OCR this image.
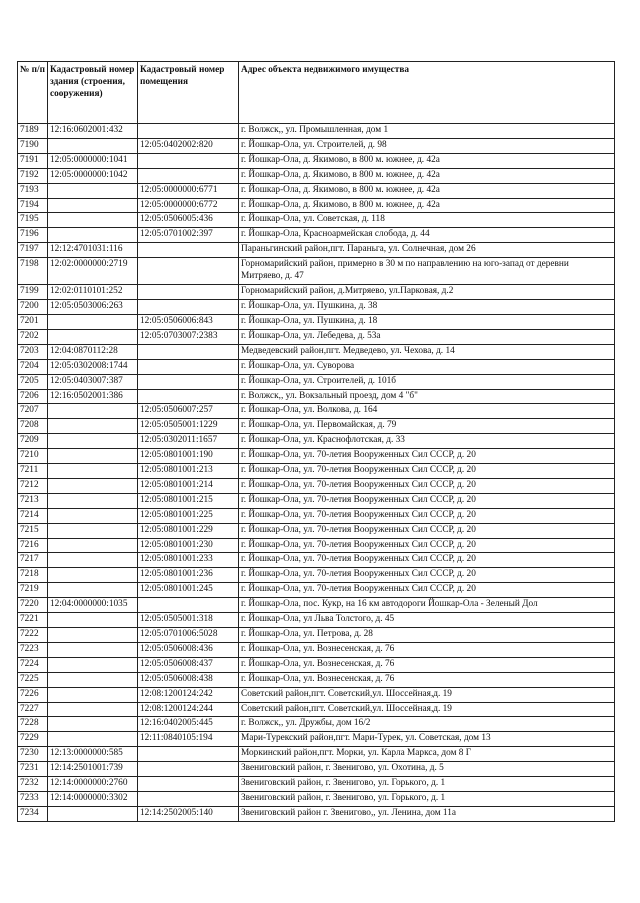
№ п/п	Кадастровый номер здания (строения, сооружения)	Кадастровый номер помещения	Адрес объекта недвижимого имущества
7189	12:16:0602001:432		г. Волжск,, ул. Промышленная, дом 1
7190		12:05:0402002:820	г. Йошкар-Ола, ул. Строителей, д. 98
7191	12:05:0000000:1041		г. Йошкар-Ола, д. Якимово, в 800 м. южнее, д. 42а
7192	12:05:0000000:1042		г. Йошкар-Ола, д. Якимово, в 800 м. южнее, д. 42а
7193		12:05:0000000:6771	г. Йошкар-Ола, д. Якимово, в 800 м. южнее, д. 42а
7194		12:05:0000000:6772	г. Йошкар-Ола, д. Якимово, в 800 м. южнее, д. 42а
7195		12:05:0506005:436	г. Йошкар-Ола, ул. Советская, д. 118
7196		12:05:0701002:397	г. Йошкар-Ола, Красноармейская слобода, д. 44
7197	12:12:4701031:116		Параньгинский район,пгт. Параньга, ул. Солнечная, дом 26
7198	12:02:0000000:2719		Горномарийский район, примерно в 30 м по направлению на юго-запад от деревни Митряево, д. 47
7199	12:02:0110101:252		Горномарийский район, д.Митряево, ул.Парковая, д.2
7200	12:05:0503006:263		г. Йошкар-Ола, ул. Пушкина, д. 38
7201		12:05:0506006:843	г. Йошкар-Ола, ул. Пушкина, д. 18
7202		12:05:0703007:2383	г. Йошкар-Ола, ул. Лебедева, д. 53а
7203	12:04:0870112:28		Медведевский район,пгт. Медведево, ул. Чехова, д. 14
7204	12:05:0302008:1744		г. Йошкар-Ола, ул. Суворова
7205	12:05:0403007:387		г. Йошкар-Ола, ул. Строителей, д. 101б
7206	12:16:0502001:386		г. Волжск,, ул. Вокзальный проезд, дом 4 "б"
7207		12:05:0506007:257	г. Йошкар-Ола, ул. Волкова, д. 164
7208		12:05:0505001:1229	г. Йошкар-Ола, ул. Первомайская, д. 79
7209		12:05:0302011:1657	г. Йошкар-Ола, ул. Краснофлотская, д. 33
7210		12:05:0801001:190	г. Йошкар-Ола, ул. 70-летия Вооруженных Сил СССР, д. 20
7211		12:05:0801001:213	г. Йошкар-Ола, ул. 70-летия Вооруженных Сил СССР, д. 20
7212		12:05:0801001:214	г. Йошкар-Ола, ул. 70-летия Вооруженных Сил СССР, д. 20
7213		12:05:0801001:215	г. Йошкар-Ола, ул. 70-летия Вооруженных Сил СССР, д. 20
7214		12:05:0801001:225	г. Йошкар-Ола, ул. 70-летия Вооруженных Сил СССР, д. 20
7215		12:05:0801001:229	г. Йошкар-Ола, ул. 70-летия Вооруженных Сил СССР, д. 20
7216		12:05:0801001:230	г. Йошкар-Ола, ул. 70-летия Вооруженных Сил СССР, д. 20
7217		12:05:0801001:233	г. Йошкар-Ола, ул. 70-летия Вооруженных Сил СССР, д. 20
7218		12:05:0801001:236	г. Йошкар-Ола, ул. 70-летия Вооруженных Сил СССР, д. 20
7219		12:05:0801001:245	г. Йошкар-Ола, ул. 70-летия Вооруженных Сил СССР, д. 20
7220	12:04:0000000:1035		г. Йошкар-Ола, пос. Кукр, на 16 км автодороги Йошкар-Ола - Зеленый Дол
7221		12:05:0505001:318	г. Йошкар-Ола, ул Льва Толстого, д. 45
7222		12:05:0701006:5028	г. Йошкар-Ола, ул. Петрова, д. 28
7223		12:05:0506008:436	г. Йошкар-Ола, ул. Вознесенская, д. 76
7224		12:05:0506008:437	г. Йошкар-Ола, ул. Вознесенская, д. 76
7225		12:05:0506008:438	г. Йошкар-Ола, ул. Вознесенская, д. 76
7226		12:08:1200124:242	Советский район,пгт. Советский,ул. Шоссейная,д. 19
7227		12:08:1200124:244	Советский район,пгт. Советский,ул. Шоссейная,д. 19
7228		12:16:0402005:445	г. Волжск,, ул. Дружбы, дом 16/2
7229		12:11:0840105:194	Мари-Турекский район,пгт. Мари-Турек, ул. Советская, дом 13
7230	12:13:0000000:585		Моркинский район,пгт. Морки, ул. Карла Маркса, дом 8 Г
7231	12:14:2501001:739		Звениговский район, г. Звенигово, ул. Охотина, д. 5
7232	12:14:0000000:2760		Звениговский район, г. Звенигово, ул. Горького, д. 1
7233	12:14:0000000:3302		Звениговский район, г. Звенигово, ул. Горького, д. 1
7234		12:14:2502005:140	Звениговский район г. Звенигово,, ул. Ленина, дом 11а
